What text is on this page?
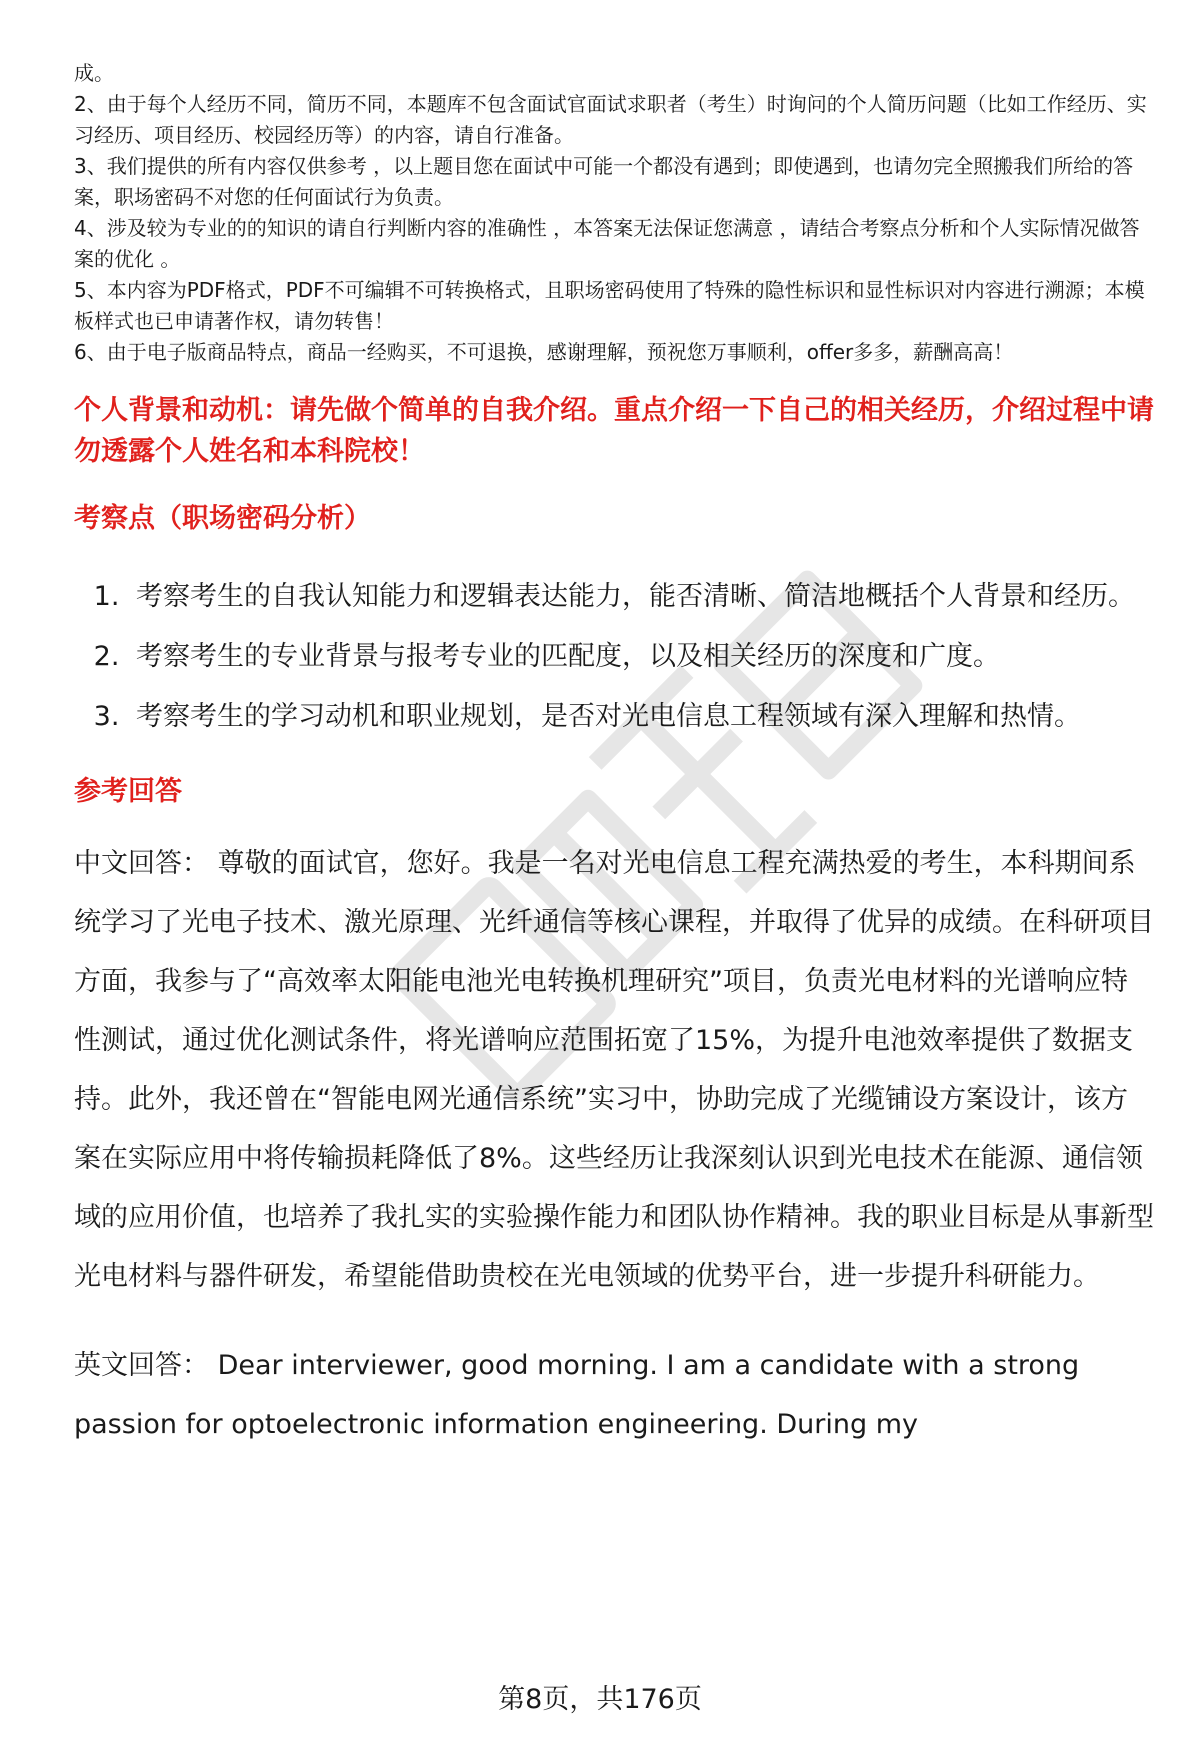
成。

2、由于每个人经历不同，简历不同，本题库不包含面试官面试求职者（考生）时询问的个人简历问题（比如工作经历、实习经历、项目经历、校园经历等）的内容，请自行准备。

3、我们提供的所有内容仅供参考 ，以上题目您在面试中可能一个都没有遇到；即使遇到，也请勿完全照搬我们所给的答案，职场密码不对您的任何面试行为负责。

4、涉及较为专业的的知识的请自行判断内容的准确性 ，本答案无法保证您满意 ，请结合考察点分析和个人实际情况做答案的优化 。

5、本内容为PDF格式，PDF不可编辑不可转换格式，且职场密码使用了特殊的隐性标识和显性标识对内容进行溯源；本模板样式也已申请著作权，请勿转售！

6、由于电子版商品特点，商品一经购买，不可退换，感谢理解，预祝您万事顺利，offer多多，薪酬高高！

个人背景和动机：请先做个简单的自我介绍。重点介绍一下自己的相关经历，介绍过程中请勿透露个人姓名和本科院校！

考察点（职场密码分析）

1. 考察考生的自我认知能力和逻辑表达能力，能否清晰、简洁地概括个人背景和经历。
2. 考察考生的专业背景与报考专业的匹配度，以及相关经历的深度和广度。
3. 考察考生的学习动机和职业规划，是否对光电信息工程领域有深入理解和热情。

参考回答

中文回答： 尊敬的面试官，您好。我是一名对光电信息工程充满热爱的考生，本科期间系统学习了光电子技术、激光原理、光纤通信等核心课程，并取得了优异的成绩。在科研项目方面，我参与了“高效率太阳能电池光电转换机理研究”项目，负责光电材料的光谱响应特性测试，通过优化测试条件，将光谱响应范围拓宽了15%，为提升电池效率提供了数据支持。此外，我还曾在“智能电网光通信系统”实习中，协助完成了光缆铺设方案设计，该方案在实际应用中将传输损耗降低了8%。这些经历让我深刻认识到光电技术在能源、通信领域的应用价值，也培养了我扎实的实验操作能力和团队协作精神。我的职业目标是从事新型光电材料与器件研发，希望能借助贵校在光电领域的优势平台，进一步提升科研能力。

英文回答： Dear interviewer, good morning. I am a candidate with a strong passion for optoelectronic information engineering. During my

第8页，共176页
